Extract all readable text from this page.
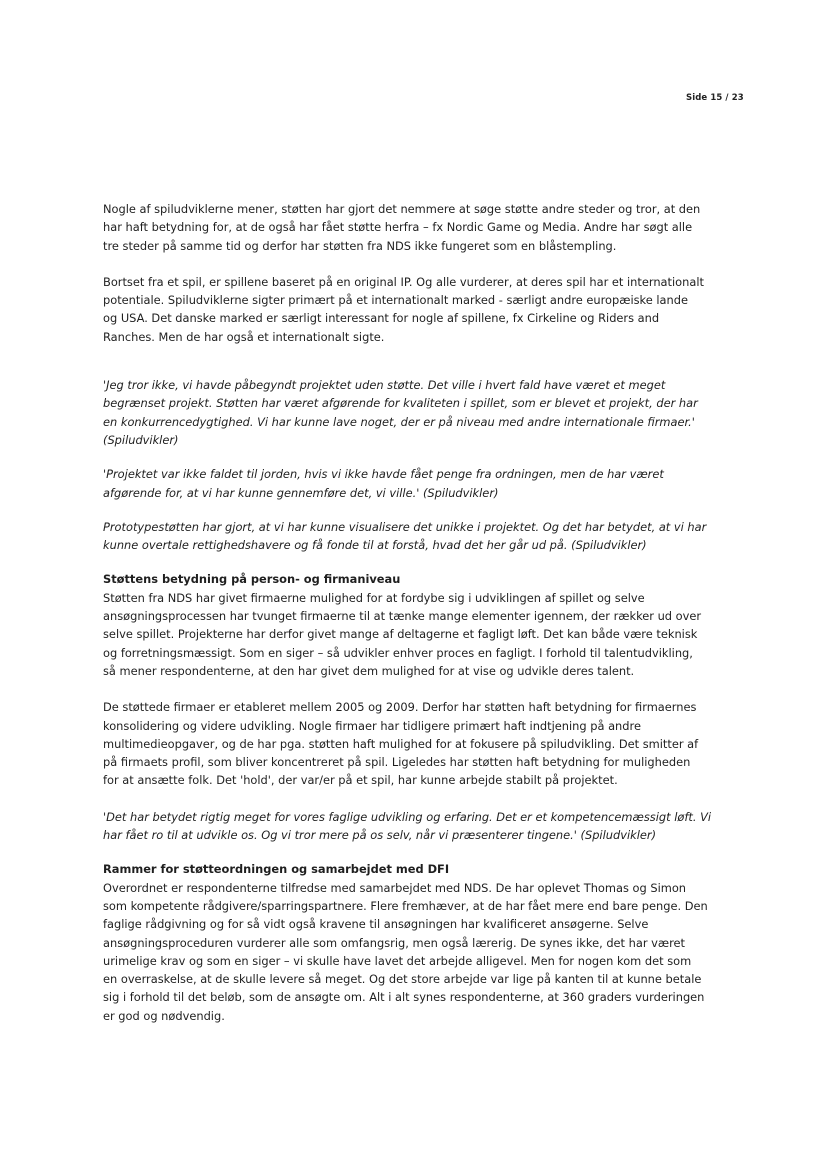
Side 15 / 23

Nogle af spiludviklerne mener, støtten har gjort det nemmere at søge støtte andre steder og tror, at den
har haft betydning for, at de også har fået støtte herfra – fx Nordic Game og Media. Andre har søgt alle
tre steder på samme tid og derfor har støtten fra NDS ikke fungeret som en blåstempling.

Bortset fra et spil, er spillene baseret på en original IP. Og alle vurderer, at deres spil har et internationalt
potentiale. Spiludviklerne sigter primært på et internationalt marked - særligt andre europæiske lande
og USA. Det danske marked er særligt interessant for nogle af spillene, fx Cirkeline og Riders and
Ranches. Men de har også et internationalt sigte.

'Jeg tror ikke, vi havde påbegyndt projektet uden støtte. Det ville i hvert fald have været et meget
begrænset projekt. Støtten har været afgørende for kvaliteten i spillet, som er blevet et projekt, der har
en konkurrencedygtighed. Vi har kunne lave noget, der er på niveau med andre internationale firmaer.'
(Spiludvikler)

'Projektet var ikke faldet til jorden, hvis vi ikke havde fået penge fra ordningen, men de har været
afgørende for, at vi har kunne gennemføre det, vi ville.' (Spiludvikler)

Prototypestøtten har gjort, at vi har kunne visualisere det unikke i projektet. Og det har betydet, at vi har
kunne overtale rettighedshavere og få fonde til at forstå, hvad det her går ud på. (Spiludvikler)

Støttens betydning på person- og firmaniveau

Støtten fra NDS har givet firmaerne mulighed for at fordybe sig i udviklingen af spillet og selve
ansøgningsprocessen har tvunget firmaerne til at tænke mange elementer igennem, der rækker ud over
selve spillet. Projekterne har derfor givet mange af deltagerne et fagligt løft. Det kan både være teknisk
og forretningsmæssigt. Som en siger – så udvikler enhver proces en fagligt. I forhold til talentudvikling,
så mener respondenterne, at den har givet dem mulighed for at vise og udvikle deres talent.

De støttede firmaer er etableret mellem 2005 og 2009. Derfor har støtten haft betydning for firmaernes
konsolidering og videre udvikling. Nogle firmaer har tidligere primært haft indtjening på andre
multimedieopgaver, og de har pga. støtten haft mulighed for at fokusere på spiludvikling. Det smitter af
på firmaets profil, som bliver koncentreret på spil. Ligeledes har støtten haft betydning for muligheden
for at ansætte folk. Det 'hold', der var/er på et spil, har kunne arbejde stabilt på projektet.

'Det har betydet rigtig meget for vores faglige udvikling og erfaring. Det er et kompetencemæssigt løft. Vi
har fået ro til at udvikle os. Og vi tror mere på os selv, når vi præsenterer tingene.' (Spiludvikler)

Rammer for støtteordningen og samarbejdet med DFI

Overordnet er respondenterne tilfredse med samarbejdet med NDS. De har oplevet Thomas og Simon
som kompetente rådgivere/sparringspartnere. Flere fremhæver, at de har fået mere end bare penge. Den
faglige rådgivning og for så vidt også kravene til ansøgningen har kvalificeret ansøgerne. Selve
ansøgningsproceduren vurderer alle som omfangsrig, men også lærerig. De synes ikke, det har været
urimelige krav og som en siger – vi skulle have lavet det arbejde alligevel. Men for nogen kom det som
en overraskelse, at de skulle levere så meget. Og det store arbejde var lige på kanten til at kunne betale
sig i forhold til det beløb, som de ansøgte om. Alt i alt synes respondenterne, at 360 graders vurderingen
er god og nødvendig.
